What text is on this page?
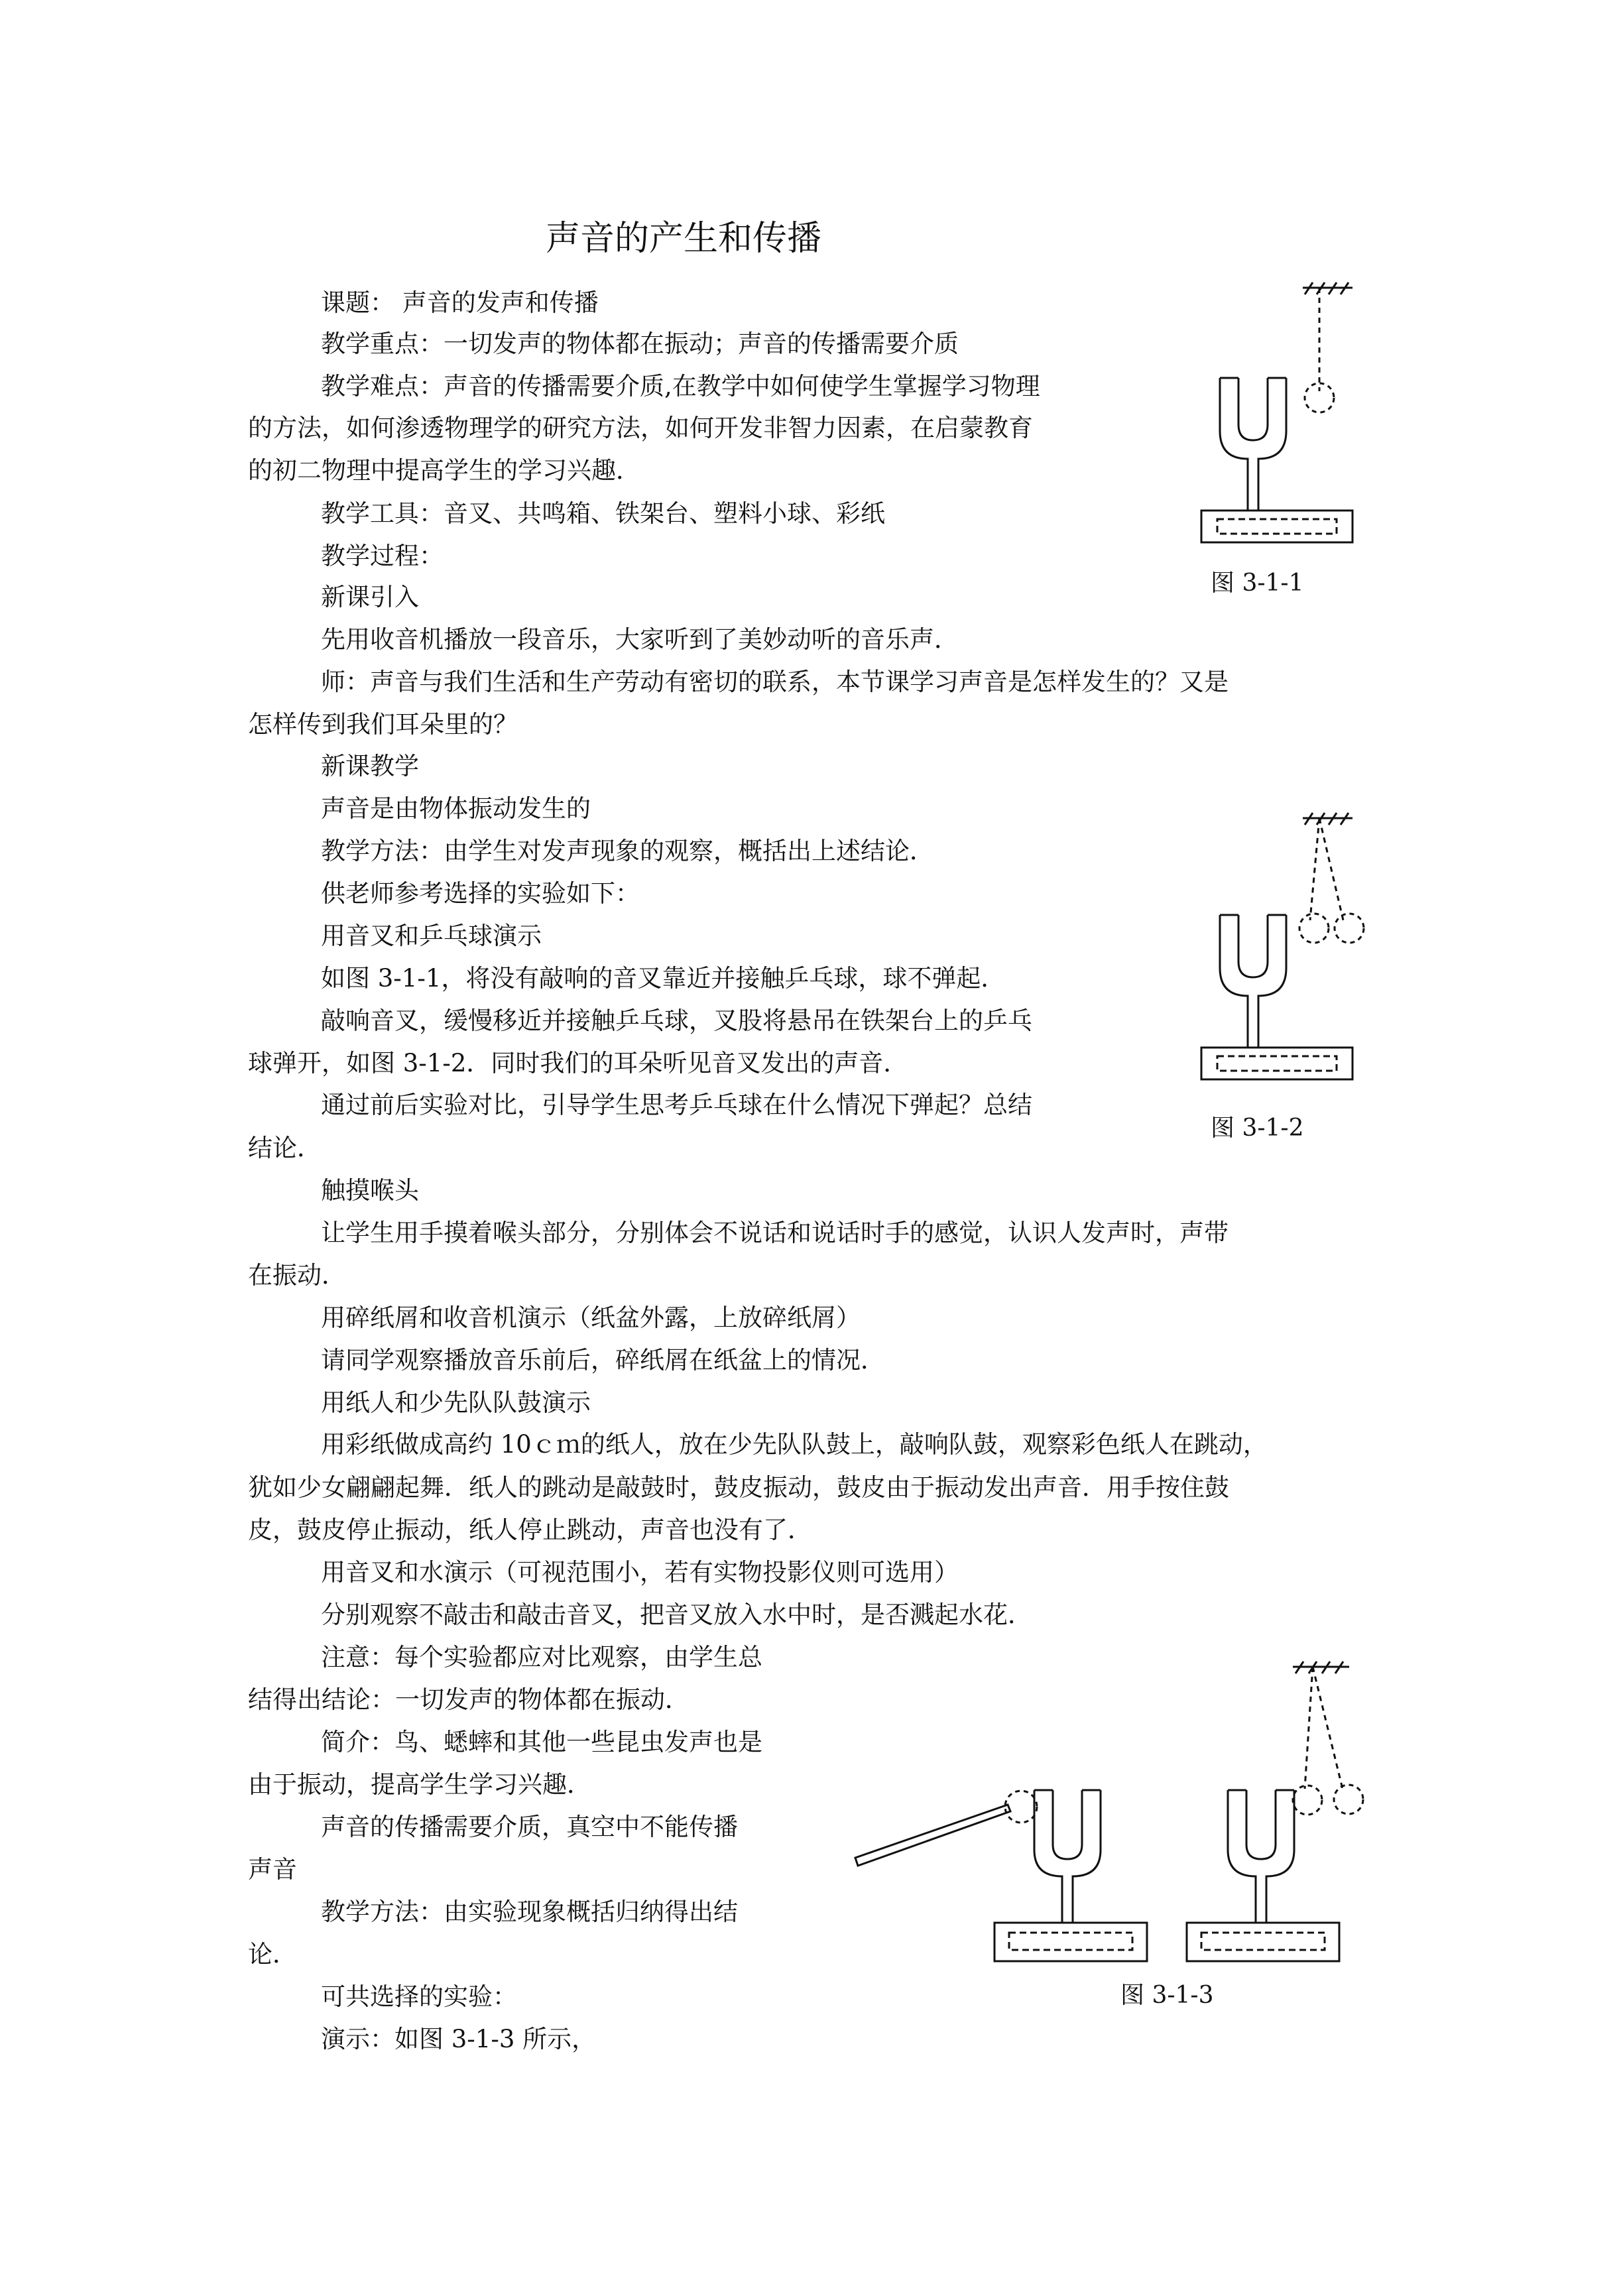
声音的产生和传播
课题： 声音的发声和传播
教学重点：一切发声的物体都在振动；声音的传播需要介质
教学难点：声音的传播需要介质,在教学中如何使学生掌握学习物理
的方法，如何渗透物理学的研究方法，如何开发非智力因素，在启蒙教育
的初二物理中提高学生的学习兴趣．
教学工具：音叉、共鸣箱、铁架台、塑料小球、彩纸
教学过程：
新课引入
先用收音机播放一段音乐，大家听到了美妙动听的音乐声．
师：声音与我们生活和生产劳动有密切的联系，本节课学习声音是怎样发生的？又是
怎样传到我们耳朵里的？
新课教学
声音是由物体振动发生的
教学方法：由学生对发声现象的观察，概括出上述结论．
供老师参考选择的实验如下：
用音叉和乒乓球演示
如图 3-1-1，将没有敲响的音叉靠近并接触乒乓球，球不弹起．
敲响音叉，缓慢移近并接触乒乓球，叉股将悬吊在铁架台上的乒乓
球弹开，如图 3-1-2．同时我们的耳朵听见音叉发出的声音．
通过前后实验对比，引导学生思考乒乓球在什么情况下弹起？总结
结论．
触摸喉头
让学生用手摸着喉头部分，分别体会不说话和说话时手的感觉，认识人发声时，声带
在振动．
用碎纸屑和收音机演示（纸盆外露，上放碎纸屑）
请同学观察播放音乐前后，碎纸屑在纸盆上的情况．
用纸人和少先队队鼓演示
用彩纸做成高约 10ｃｍ的纸人，放在少先队队鼓上，敲响队鼓，观察彩色纸人在跳动，
犹如少女翩翩起舞．纸人的跳动是敲鼓时，鼓皮振动，鼓皮由于振动发出声音．用手按住鼓
皮，鼓皮停止振动，纸人停止跳动，声音也没有了．
用音叉和水演示（可视范围小，若有实物投影仪则可选用）
分别观察不敲击和敲击音叉，把音叉放入水中时，是否溅起水花．
注意：每个实验都应对比观察，由学生总
结得出结论：一切发声的物体都在振动．
简介：鸟、蟋蟀和其他一些昆虫发声也是
由于振动，提高学生学习兴趣．
声音的传播需要介质，真空中不能传播
声音
教学方法：由实验现象概括归纳得出结
论．
可共选择的实验：
演示：如图 3-1-3 所示，
图 3-1-1
图 3-1-2
图 3-1-3
